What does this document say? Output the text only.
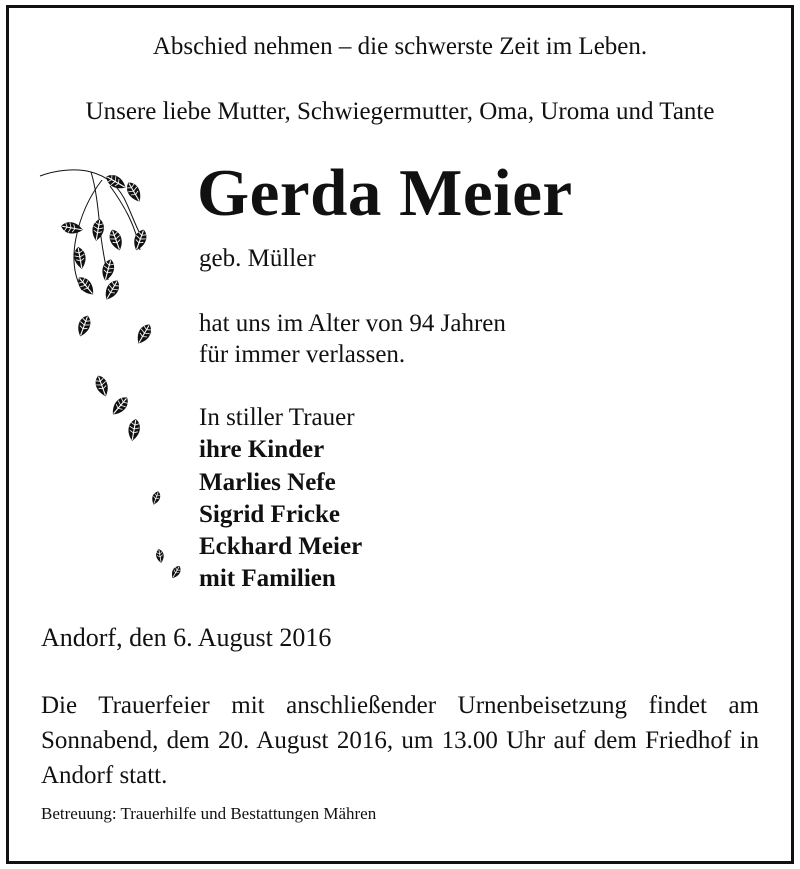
Abschied nehmen – die schwerste Zeit im Leben.
Unsere liebe Mutter, Schwiegermutter, Oma, Uroma und Tante
Gerda Meier
geb. Müller
hat uns im Alter von 94 Jahren
für immer verlassen.
In stiller Trauer
ihre Kinder
Marlies Nefe
Sigrid Fricke
Eckhard Meier
mit Familien
Andorf, den 6. August 2016
Die Trauerfeier mit anschließender Urnenbeisetzung findet am Sonnabend, dem 20. August 2016, um 13.00 Uhr auf dem Friedhof in Andorf statt.
Betreuung: Trauerhilfe und Bestattungen Mähren
